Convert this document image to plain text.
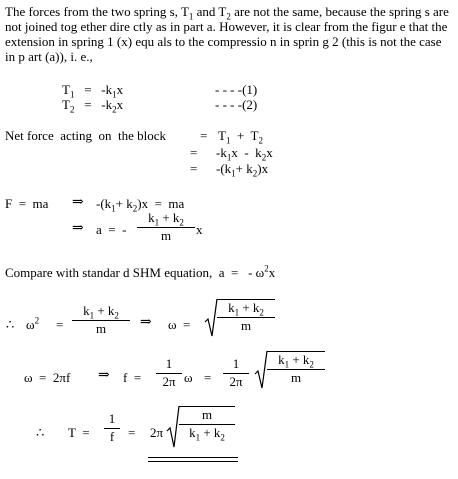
The forces from the two spring s, $T_1$ and $T_2$ are not the same, because the spring s are not joined tog ether dire ctly as in part a. However, it is clear from the figur e that the extension in spring 1 (x) equ als to the compressio n in sprin g 2 (this is not the case in p art (a)), i. e.,
$T_1 = -k_1x$	- - - -(1)
$T_2 = -k_2x$	- - - -(2)
Net force  acting  on  the block	= $T_1 + T_2$
= $-k_1x - k_2x$
= $-(k_1+ k_2)x$
F  =  ma ⇒ $-(k_1+ k_2)x$  =  ma
⇒ a  =  -
$k_1 + k_2$
m	x
Compare with standar d SHM equation,  a  =   - $\omega^2x$
∴ $\omega^2$ =
$k_1 + k_2$
m	⇒ ω  =
$k_1 + k_2$
m
ω  =  2πf ⇒ f  =
1
2π ω =
1
2π
$k_1 + k_2$
m
∴ T  =
1
f	= 2π
m
$k_1 + k_2$
